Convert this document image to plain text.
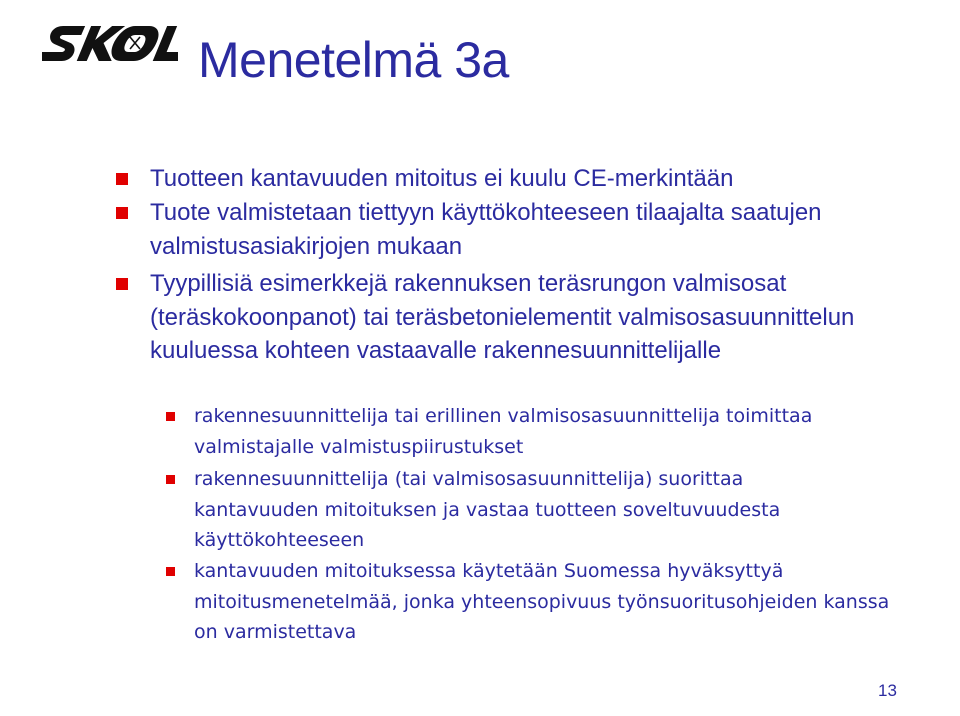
Menetelmä 3a
Tuotteen kantavuuden mitoitus ei kuulu CE-merkintään
Tuote valmistetaan tiettyyn käyttökohteeseen tilaajalta saatujen valmistusasiakirjojen mukaan
Tyypillisiä esimerkkejä rakennuksen teräsrungon valmisosat (teräskokoonpanot) tai teräsbetonielementit valmisosasuunnittelun kuuluessa kohteen vastaavalle rakennesuunnittelijalle
rakennesuunnittelija tai erillinen valmisosasuunnittelija toimittaa valmistajalle valmistuspiirustukset
rakennesuunnittelija (tai valmisosasuunnittelija) suorittaa kantavuuden mitoituksen ja vastaa tuotteen soveltuvuudesta käyttökohteeseen
kantavuuden mitoituksessa käytetään Suomessa hyväksyttyä mitoitusmenetelmää, jonka yhteensopivuus työnsuoritusohjeiden kanssa on varmistettava
13
